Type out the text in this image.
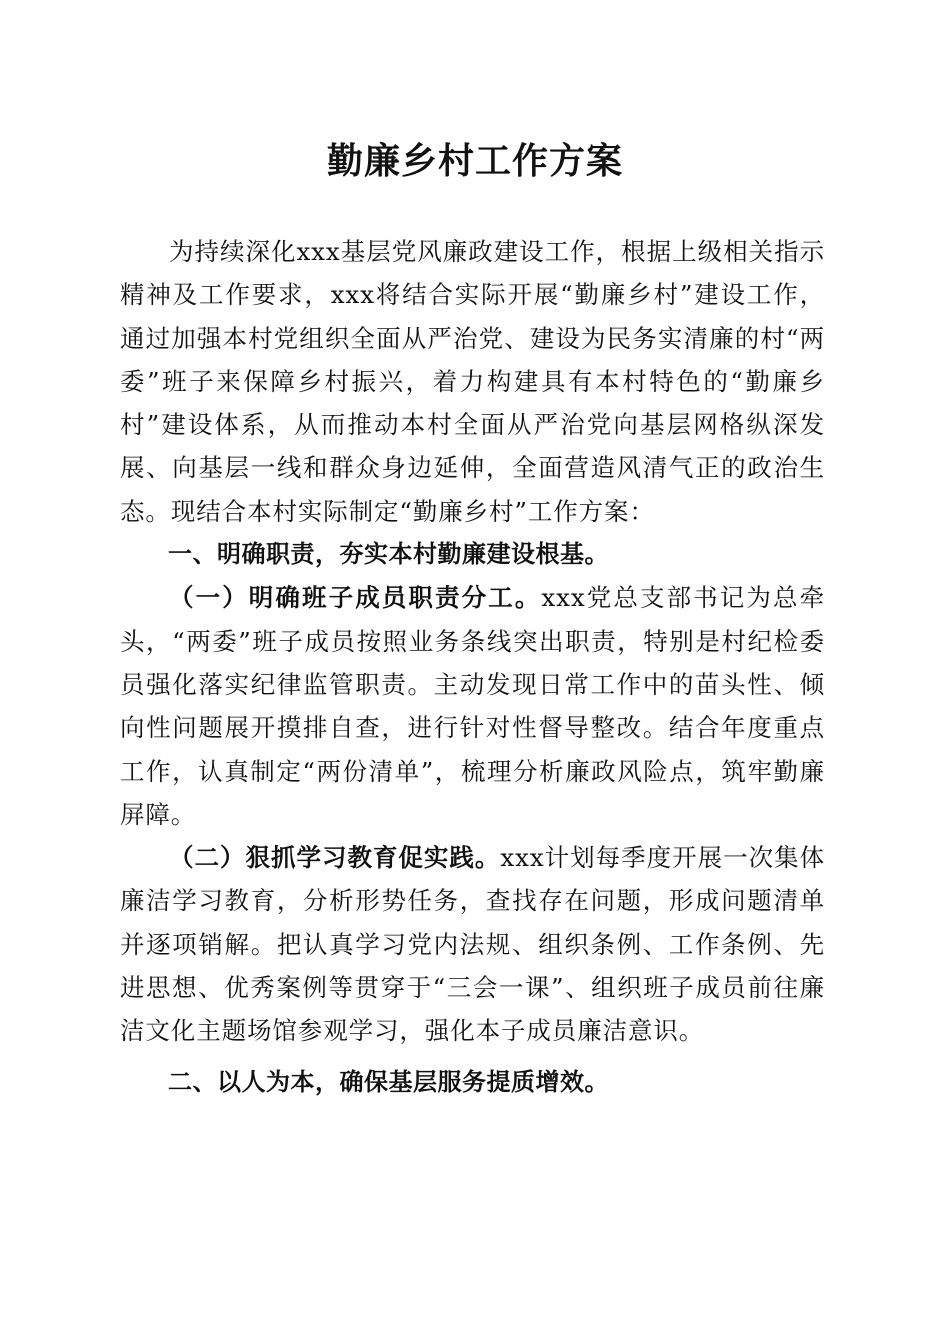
勤廉乡村工作方案

为持续深化xxx基层党风廉政建设工作，根据上级相关指示精神及工作要求，xxx将结合实际开展“勤廉乡村”建设工作，通过加强本村党组织全面从严治党、建设为民务实清廉的村“两委”班子来保障乡村振兴，着力构建具有本村特色的“勤廉乡村”建设体系，从而推动本村全面从严治党向基层网格纵深发展、向基层一线和群众身边延伸，全面营造风清气正的政治生态。现结合本村实际制定“勤廉乡村”工作方案：

一、明确职责，夯实本村勤廉建设根基。

（一）明确班子成员职责分工。xxx党总支部书记为总牵头，“两委”班子成员按照业务条线突出职责，特别是村纪检委员强化落实纪律监管职责。主动发现日常工作中的苗头性、倾向性问题展开摸排自查，进行针对性督导整改。结合年度重点工作，认真制定“两份清单”，梳理分析廉政风险点，筑牢勤廉屏障。

（二）狠抓学习教育促实践。xxx计划每季度开展一次集体廉洁学习教育，分析形势任务，查找存在问题，形成问题清单并逐项销解。把认真学习党内法规、组织条例、工作条例、先进思想、优秀案例等贯穿于“三会一课”、组织班子成员前往廉洁文化主题场馆参观学习，强化本子成员廉洁意识。

二、以人为本，确保基层服务提质增效。
